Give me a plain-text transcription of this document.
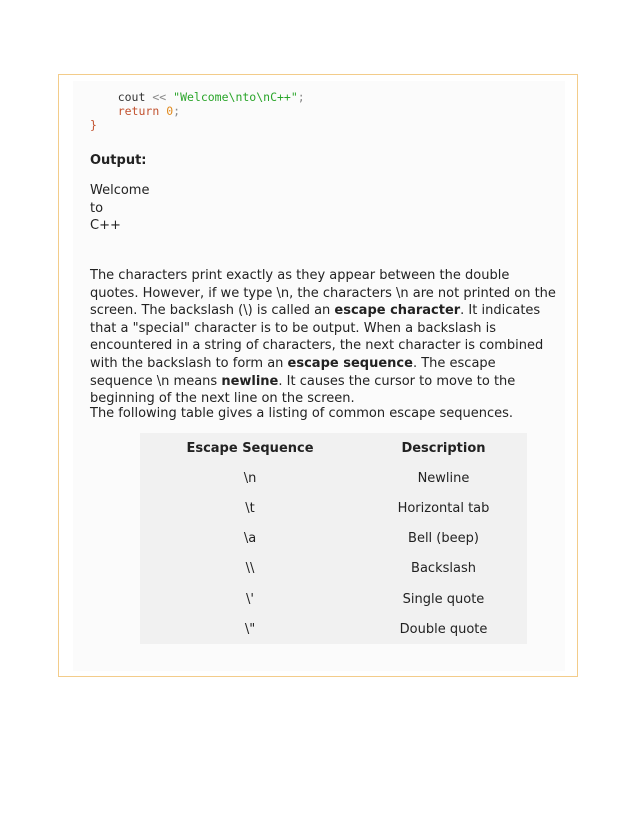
cout << "Welcome\nto\nC++";
return 0;
}
Output:
Welcome
to
C++
The characters print exactly as they appear between the double quotes. However, if we type \n, the characters \n are not printed on the screen. The backslash (\) is called an escape character. It indicates that a "special" character is to be output. When a backslash is encountered in a string of characters, the next character is combined with the backslash to form an escape sequence. The escape sequence \n means newline. It causes the cursor to move to the beginning of the next line on the screen.
The following table gives a listing of common escape sequences.
Escape Sequence	Description
\n	Newline
\t	Horizontal tab
\a	Bell (beep)
\\	Backslash
\'	Single quote
\"	Double quote
